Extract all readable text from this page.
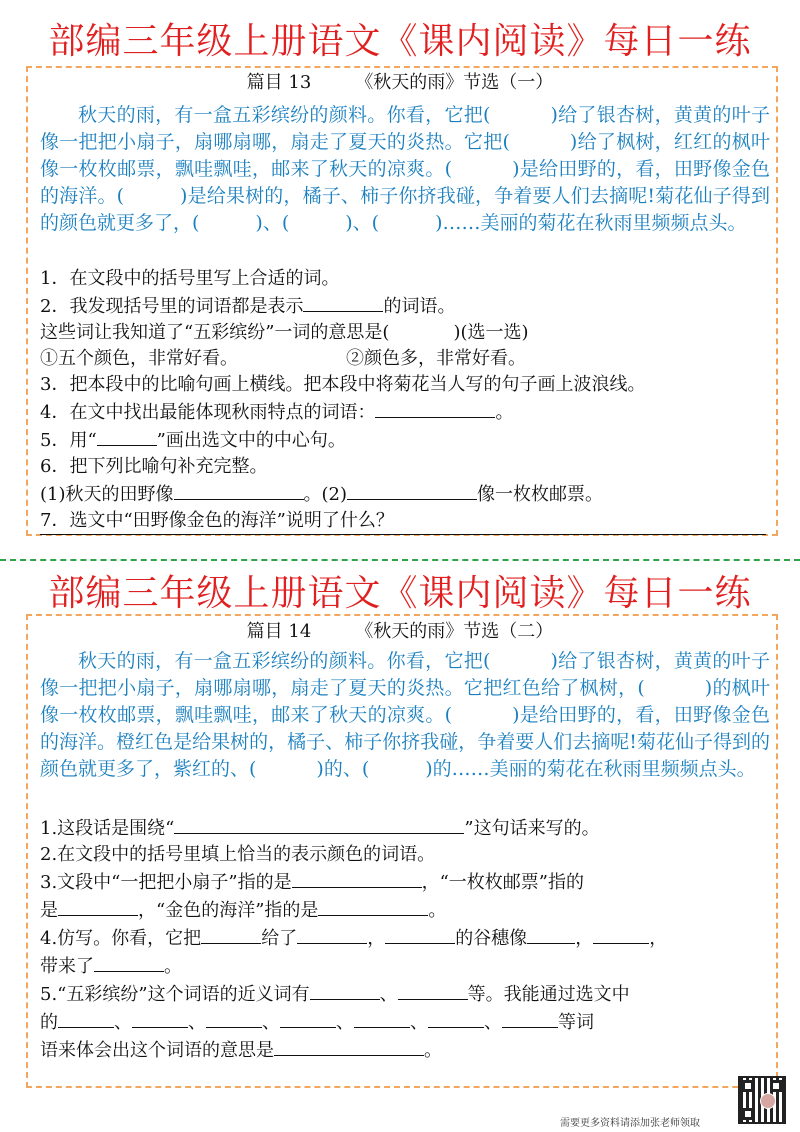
部编三年级上册语文《课内阅读》每日一练
篇目 13 《秋天的雨》节选（一）

秋天的雨，有一盒五彩缤纷的颜料。你看，它把(	)给了银杏树，黄黄的叶子像一把把小扇子，扇哪扇哪，扇走了夏天的炎热。它把(	)给了枫树，红红的枫叶像一枚枚邮票，飘哇飘哇，邮来了秋天的凉爽。(	)是给田野的，看，田野像金色的海洋。(	)是给果树的，橘子、柿子你挤我碰，争着要人们去摘呢!菊花仙子得到的颜色就更多了，(	)、(	)、(	)……美丽的菊花在秋雨里频频点头。

1．在文段中的括号里写上合适的词。
2．我发现括号里的词语都是表示	的词语。
这些词让我知道了“五彩缤纷”一词的意思是(	)(选一选)
①五个颜色，非常好看。	②颜色多，非常好看。
3．把本段中的比喻句画上横线。把本段中将菊花当人写的句子画上波浪线。
4．在文中找出最能体现秋雨特点的词语：	。
5．用“	”画出选文中的中心句。
6．把下列比喻句补充完整。
(1)秋天的田野像	。(2)	像一枚枚邮票。
7．选文中“田野像金色的海洋”说明了什么？
部编三年级上册语文《课内阅读》每日一练
篇目 14 《秋天的雨》节选（二）

秋天的雨，有一盒五彩缤纷的颜料。你看，它把(	)给了银杏树，黄黄的叶子像一把把小扇子，扇哪扇哪，扇走了夏天的炎热。它把红色给了枫树，(	)的枫叶像一枚枚邮票，飘哇飘哇，邮来了秋天的凉爽。(	)是给田野的，看，田野像金色的海洋。橙红色是给果树的，橘子、柿子你挤我碰，争着要人们去摘呢!菊花仙子得到的颜色就更多了，紫红的、(	)的、(	)的……美丽的菊花在秋雨里频频点头。

1.这段话是围绕“	”这句话来写的。
2.在文段中的括号里填上恰当的表示颜色的词语。
3.文段中“一把把小扇子”指的是	，“一枚枚邮票”指的
是	，“金色的海洋”指的是	。
4.仿写。你看，它把	给了	，	的谷穗像	，	，
带来了	。
5.“五彩缤纷”这个词语的近义词有	、	等。我能通过选文中
的	、	、	、	、	、	、	等词
语来体会出这个词语的意思是	。
需要更多资料请添加张老师领取
